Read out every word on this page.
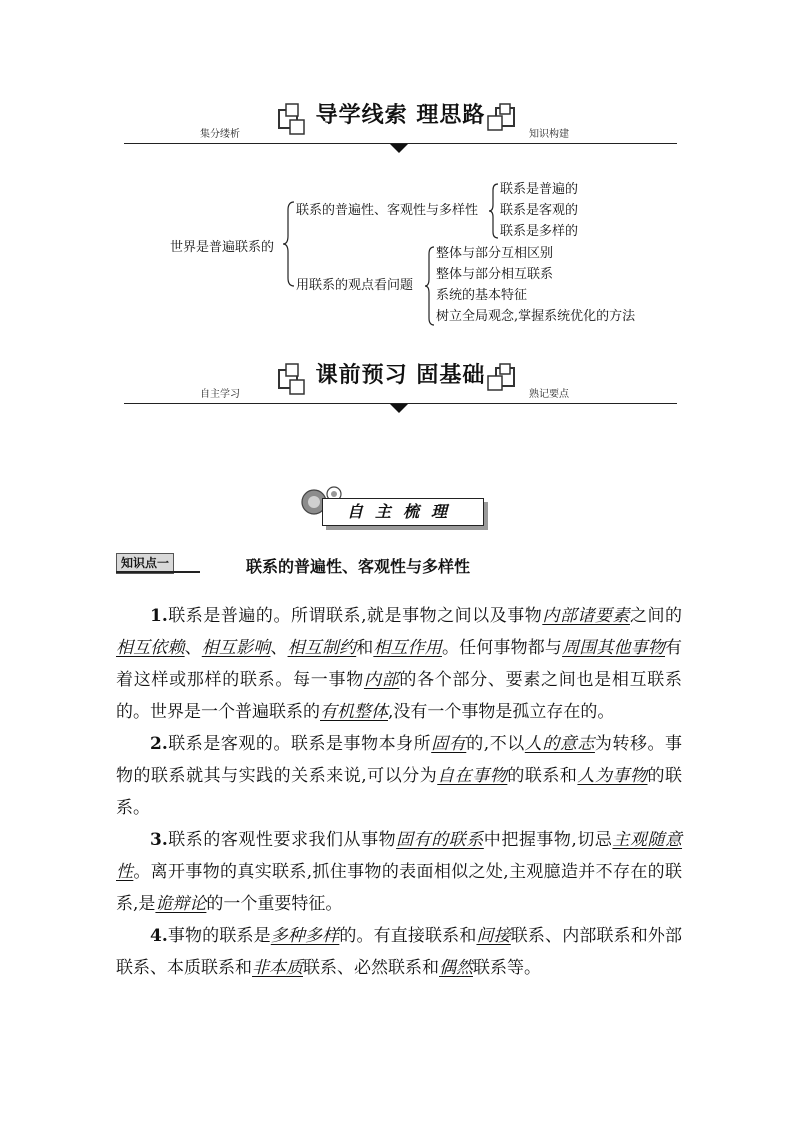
导学线索 理思路
集分缕析	知识构建
世界是普遍联系的
联系的普遍性、客观性与多样性
联系是普遍的
联系是客观的
联系是多样的
用联系的观点看问题
整体与部分互相区别
整体与部分相互联系
系统的基本特征
树立全局观念,掌握系统优化的方法
课前预习 固基础
自主学习	熟记要点
自主梳理
知识点一	联系的普遍性、客观性与多样性

1.联系是普遍的。所谓联系,就是事物之间以及事物内部诸要素之间的相互依赖、相互影响、相互制约和相互作用。任何事物都与周围其他事物有着这样或那样的联系。每一事物内部的各个部分、要素之间也是相互联系的。世界是一个普遍联系的有机整体,没有一个事物是孤立存在的。

2.联系是客观的。联系是事物本身所固有的,不以人的意志为转移。事物的联系就其与实践的关系来说,可以分为自在事物的联系和人为事物的联系。

3.联系的客观性要求我们从事物固有的联系中把握事物,切忌主观随意性。离开事物的真实联系,抓住事物的表面相似之处,主观臆造并不存在的联系,是诡辩论的一个重要特征。

4.事物的联系是多种多样的。有直接联系和间接联系、内部联系和外部联系、本质联系和非本质联系、必然联系和偶然联系等。
